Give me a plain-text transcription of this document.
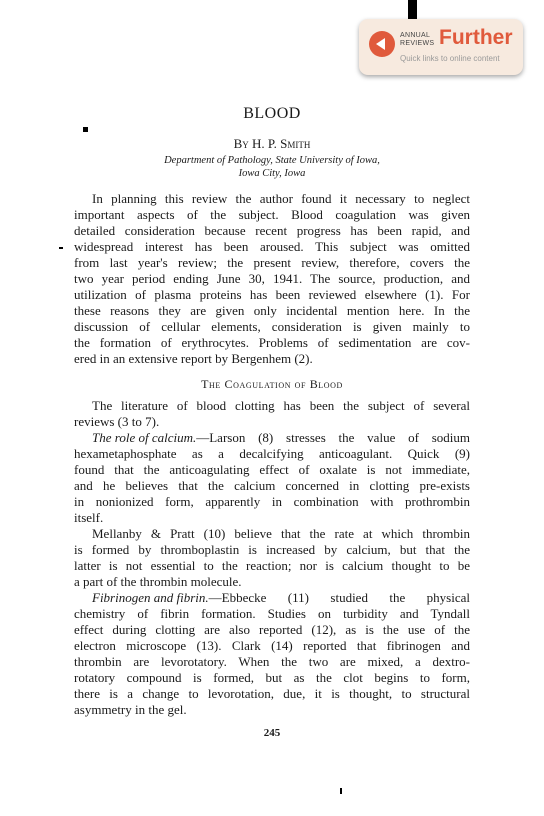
ANNUAL
REVIEWS Further
Quick links to online content
BLOOD
By H. P. Smith
Department of Pathology, State University of Iowa,
Iowa City, Iowa
In planning this review the author found it necessary to neglect
important aspects of the subject. Blood coagulation was given
detailed consideration because recent progress has been rapid, and
widespread interest has been aroused. This subject was omitted
from last year's review; the present review, therefore, covers the
two year period ending June 30, 1941. The source, production, and
utilization of plasma proteins has been reviewed elsewhere (1). For
these reasons they are given only incidental mention here. In the
discussion of cellular elements, consideration is given mainly to
the formation of erythrocytes. Problems of sedimentation are cov-
ered in an extensive report by Bergenhem (2).
The Coagulation of Blood
The literature of blood clotting has been the subject of several
reviews (3 to 7).
The role of calcium. —Larson (8) stresses the value of sodium
hexametaphosphate as a decalcifying anticoagulant. Quick (9)
found that the anticoagulating effect of oxalate is not immediate,
and he believes that the calcium concerned in clotting pre-exists
in nonionized form, apparently in combination with prothrombin
itself.
Mellanby & Pratt (10) believe that the rate at which thrombin
is formed by thromboplastin is increased by calcium, but that the
latter is not essential to the reaction; nor is calcium thought to be
a part of the thrombin molecule.
Fibrinogen and fibrin. —Ebbecke (11) studied the physical
chemistry of fibrin formation. Studies on turbidity and Tyndall
effect during clotting are also reported (12), as is the use of the
electron microscope (13). Clark (14) reported that fibrinogen and
thrombin are levorotatory. When the two are mixed, a dextro-
rotatory compound is formed, but as the clot begins to form,
there is a change to levorotation, due, it is thought, to structural
asymmetry in the gel.
245
